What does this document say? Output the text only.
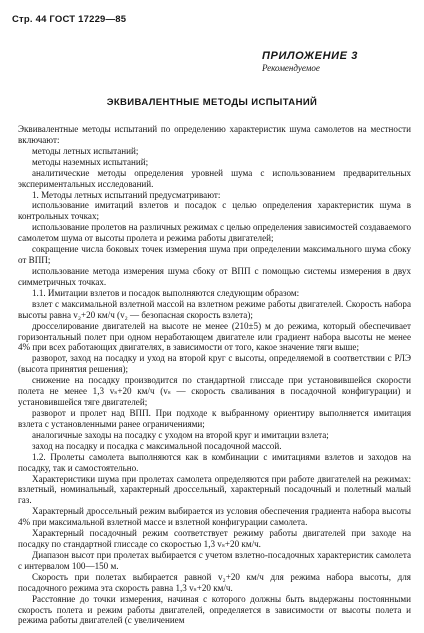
Стр. 44 ГОСТ 17229—85
ПРИЛОЖЕНИЕ 3
Рекомендуемое
ЭКВИВАЛЕНТНЫЕ МЕТОДЫ ИСПЫТАНИЙ

Эквивалентные методы испытаний по определению характеристик шума самолетов на местности включают:

методы летных испытаний;

методы наземных испытаний;

аналитические методы определения уровней шума с использованием предварительных экспериментальных исследований.

1. Методы летных испытаний предусматривают:

использование имитаций взлетов и посадок с целью определения характеристик шума в контрольных точках;

использование пролетов на различных режимах с целью определения зависимостей создаваемого самолетом шума от высоты пролета и режима работы двигателей;

сокращение числа боковых точек измерения шума при определении максимального шума сбоку от ВПП;

использование метода измерения шума сбоку от ВПП с помощью системы измерения в двух симметричных точках.

1.1. Имитации взлетов и посадок выполняются следующим образом:

взлет с максимальной взлетной массой на взлетном режиме работы двигателей. Скорость набора высоты равна v₂+20 км/ч (v₂ — безопасная скорость взлета);

дросселирование двигателей на высоте не менее (210±5) м до режима, который обеспечивает горизонтальный полет при одном неработающем двигателе или градиент набора высоты не менее 4% при всех работающих двигателях, в зависимости от того, какое значение тяги выше;

разворот, заход на посадку и уход на второй круг с высоты, определяемой в соответствии с РЛЭ (высота принятия решения);

снижение на посадку производится по стандартной глиссаде при установившейся скорости полета не менее 1,3 vₛ+20 км/ч (vₛ — скорость сваливания в посадочной конфигурации) и установившейся тяге двигателей;

разворот и пролет над ВПП. При подходе к выбранному ориентиру выполняется имитация взлета с установленными ранее ограничениями;

аналогичные заходы на посадку с уходом на второй круг и имитации взлета;

заход на посадку и посадка с максимальной посадочной массой.

1.2. Пролеты самолета выполняются как в комбинации с имитациями взлетов и заходов на посадку, так и самостоятельно.

Характеристики шума при пролетах самолета определяются при работе двигателей на режимах: взлетный, номинальный, характерный дроссельный, характерный посадочный и полетный малый газ.

Характерный дроссельный режим выбирается из условия обеспечения градиента набора высоты 4% при максимальной взлетной массе и взлетной конфигурации самолета.

Характерный посадочный режим соответствует режиму работы двигателей при заходе на посадку по стандартной глиссаде со скоростью 1,3 vₛ+20 км/ч.

Диапазон высот при пролетах выбирается с учетом взлетно-посадочных характеристик самолета с интервалом 100—150 м.

Скорость при полетах выбирается равной v₂+20 км/ч для режима набора высоты, для посадочного режима эта скорость равна 1,3 vₛ+20 км/ч.

Расстояние до точки измерения, начиная с которого должны быть выдержаны постоянными скорость полета и режим работы двигателей, определяется в зависимости от высоты полета и режима работы двигателей (с увеличением
